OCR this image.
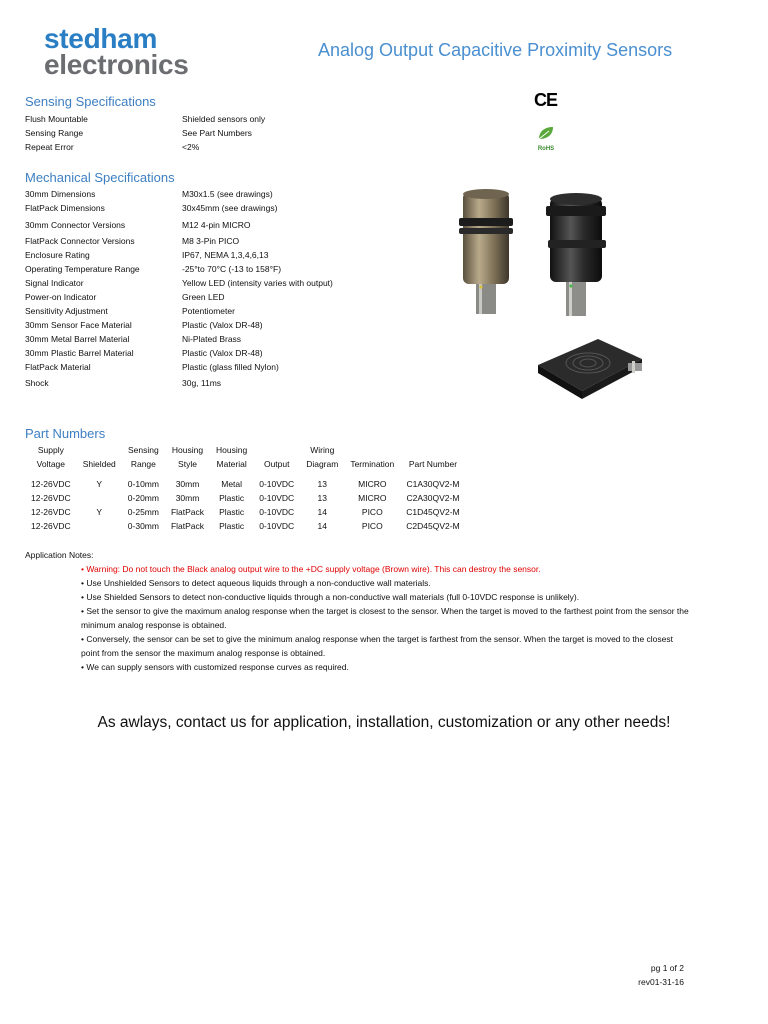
stedham
electronics	Analog Output Capacitive Proximity Sensors
Sensing Specifications
Flush Mountable	Shielded sensors only
Sensing Range	See Part Numbers
Repeat Error	<2%
Mechanical Specifications
30mm Dimensions	M30x1.5 (see drawings)
FlatPack Dimensions	30x45mm (see drawings)
30mm Connector Versions	M12 4-pin MICRO
FlatPack Connector Versions	M8 3-Pin PICO
Enclosure Rating	IP67, NEMA 1,3,4,6,13
Operating Temperature Range	-25°to 70°C (-13 to 158°F)
Signal Indicator	Yellow LED (intensity varies with output)
Power-on Indicator	Green LED
Sensitivity Adjustment	Potentiometer
30mm Sensor Face Material	Plastic (Valox DR-48)
30mm Metal Barrel Material	Ni-Plated Brass
30mm Plastic Barrel Material	Plastic (Valox DR-48)
FlatPack Material	Plastic (glass filled Nylon)
Shock	30g, 11ms
CE
RoHS
Part Numbers
Supply		Sensing	Housing	Housing		Wiring		
Voltage	Shielded	Range	Style	Material	Output	Diagram	Termination	Part Number

12-26VDC	Y	0-10mm	30mm	Metal	0-10VDC	13	MICRO	C1A30QV2-M
12-26VDC		0-20mm	30mm	Plastic	0-10VDC	13	MICRO	C2A30QV2-M
12-26VDC	Y	0-25mm	FlatPack	Plastic	0-10VDC	14	PICO	C1D45QV2-M
12-26VDC		0-30mm	FlatPack	Plastic	0-10VDC	14	PICO	C2D45QV2-M
Application Notes:
• Warning: Do not touch the Black analog output wire to the +DC supply voltage (Brown wire). This can destroy the sensor.
• Use Unshielded Sensors to detect aqueous liquids through a non-conductive wall materials.
• Use Shielded Sensors to detect non-conductive liquids through a non-conductive wall materials (full 0-10VDC response is unlikely).
• Set the sensor to give the maximum analog response when the target is closest to the sensor. When the target is moved to the farthest point from the sensor the minimum analog response is obtained.
• Conversely, the sensor can be set to give the minimum analog response when the target is farthest from the sensor. When the target is moved to the closest point from the sensor the maximum analog response is obtained.
• We can supply sensors with customized response curves as required.
As awlays, contact us for application, installation, customization or any other needs!
pg 1 of 2
rev01-31-16
